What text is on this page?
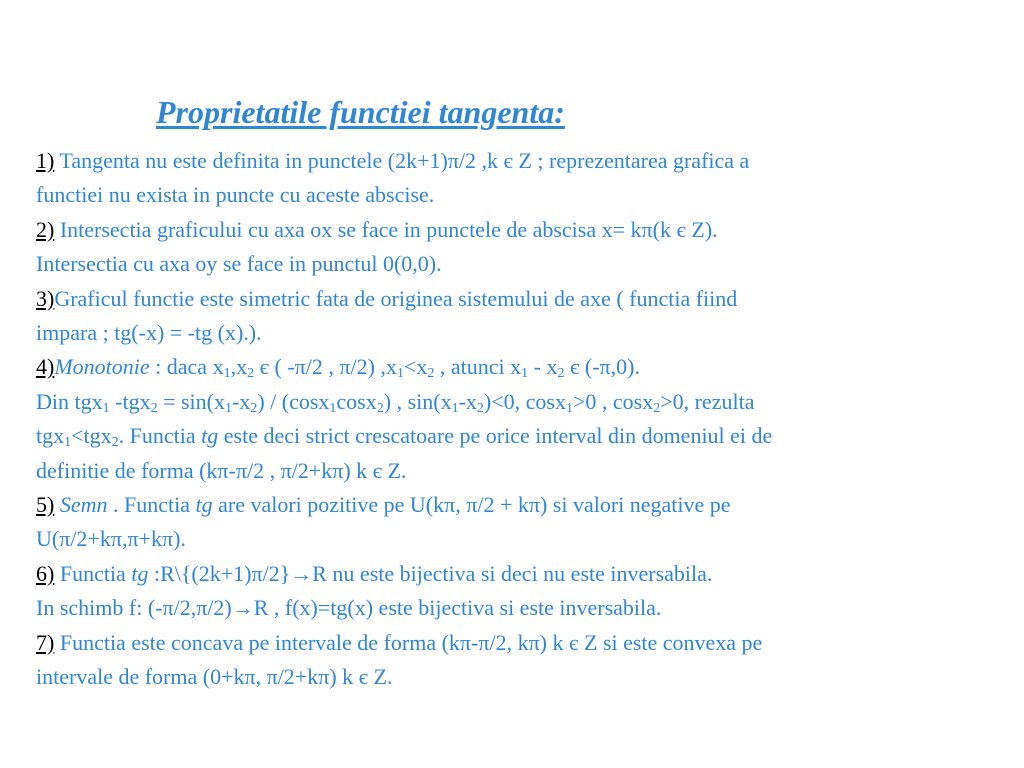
Proprietatile functiei tangenta:
1) Tangenta nu este definita in punctele (2k+1)π/2 ,k є Z ; reprezentarea grafica a
functiei nu exista in puncte cu aceste abscise.
2) Intersectia graficului cu axa ox se face in punctele de abscisa x= kπ(k є Z).
Intersectia cu axa oy se face in punctul 0(0,0).
3)Graficul functie este simetric fata de originea sistemului de axe ( functia fiind
impara ; tg(-x) = -tg (x).).
4)Monotonie : daca $x_1,x_2$ є ( -π/2 , π/2) $,x_1<x_2$ , atunci $x_1 - x_2$ є (-π,0).
Din tgx$_1$ $-tgx_2 = \sin(x_1-x_2) / (\cos x_1\cos x_2)$ , $\sin(x_1-x_2)<0$, cosx$_1$>0 , cosx$_2$>0, rezulta
tgx$_1$<tgx$_2$. Functia tg este deci strict crescatoare pe orice interval din domeniul ei de
definitie de forma (kπ-π/2 , π/2+kπ) k є Z.
5) Semn . Functia tg are valori pozitive pe U(kπ, π/2 + kπ) si valori negative pe
U(π/2+kπ,π+kπ).
6) Functia tg :R\{(2k+1)π/2}→R nu este bijectiva si deci nu este inversabila.
In schimb f: (-π/2,π/2)→R , f(x)=tg(x) este bijectiva si este inversabila.
7) Functia este concava pe intervale de forma (kπ-π/2, kπ) k є Z si este convexa pe
intervale de forma (0+kπ, π/2+kπ) k є Z.
